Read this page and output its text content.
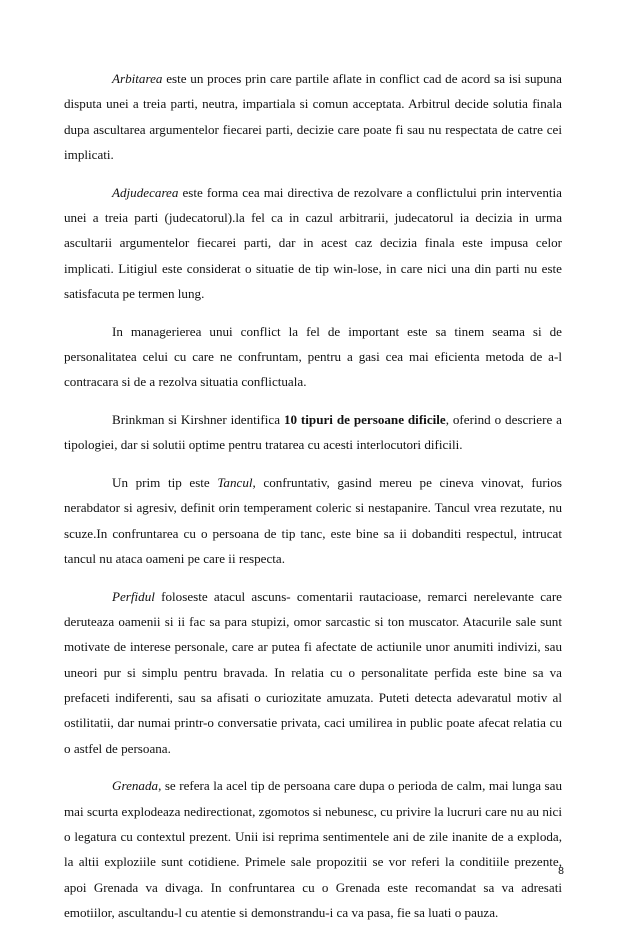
Arbitarea este un proces prin care partile aflate in conflict cad de acord sa isi supuna disputa unei a treia parti, neutra, impartiala si comun acceptata. Arbitrul decide solutia finala dupa ascultarea argumentelor fiecarei parti, decizie care poate fi sau nu respectata de catre cei implicati.

Adjudecarea este forma cea mai directiva de rezolvare a conflictului prin interventia unei a treia parti (judecatorul).la fel ca in cazul arbitrarii, judecatorul ia decizia in urma ascultarii argumentelor fiecarei parti, dar in acest caz decizia finala este impusa celor implicati. Litigiul este considerat o situatie de tip win-lose, in care nici una din parti nu este satisfacuta pe termen lung.

In managerierea unui conflict la fel de important este sa tinem seama si de personalitatea celui cu care ne confruntam, pentru a gasi cea mai eficienta metoda de a-l contracara si de a rezolva situatia conflictuala.

Brinkman si Kirshner identifica 10 tipuri de persoane dificile, oferind o descriere a tipologiei, dar si solutii optime pentru tratarea cu acesti interlocutori dificili.

Un prim tip este Tancul, confruntativ, gasind mereu pe cineva vinovat, furios nerabdator si agresiv, definit orin temperament coleric si nestapanire. Tancul vrea rezutate, nu scuze.In confruntarea cu o persoana de tip tanc, este bine sa ii dobanditi respectul, intrucat tancul nu ataca oameni pe care ii respecta.

Perfidul foloseste atacul ascuns- comentarii rautacioase, remarci nerelevante care deruteaza oamenii si ii fac sa para stupizi, omor sarcastic si ton muscator. Atacurile sale sunt motivate de interese personale, care ar putea fi afectate de actiunile unor anumiti indivizi, sau uneori pur si simplu pentru bravada. In relatia cu o personalitate perfida este bine sa va prefaceti indiferenti, sau sa afisati o curiozitate amuzata. Puteti detecta adevaratul motiv al ostilitatii, dar numai printr-o conversatie privata, caci umilirea in public poate afecat relatia cu o astfel de persoana.

Grenada, se refera la acel tip de persoana care dupa o perioda de calm, mai lunga sau mai scurta explodeaza nedirectionat, zgomotos si nebunesc, cu privire la lucruri care nu au nici o legatura cu contextul prezent. Unii isi reprima sentimentele ani de zile inanite de a exploda, la altii exploziile sunt cotidiene. Primele sale propozitii se vor referi la conditiile prezente, apoi Grenada va divaga. In confruntarea cu o Grenada este recomandat sa va adresati emotiilor, ascultandu-l cu atentie si demonstrandu-i ca va pasa, fie sa luati o pauza.

8
